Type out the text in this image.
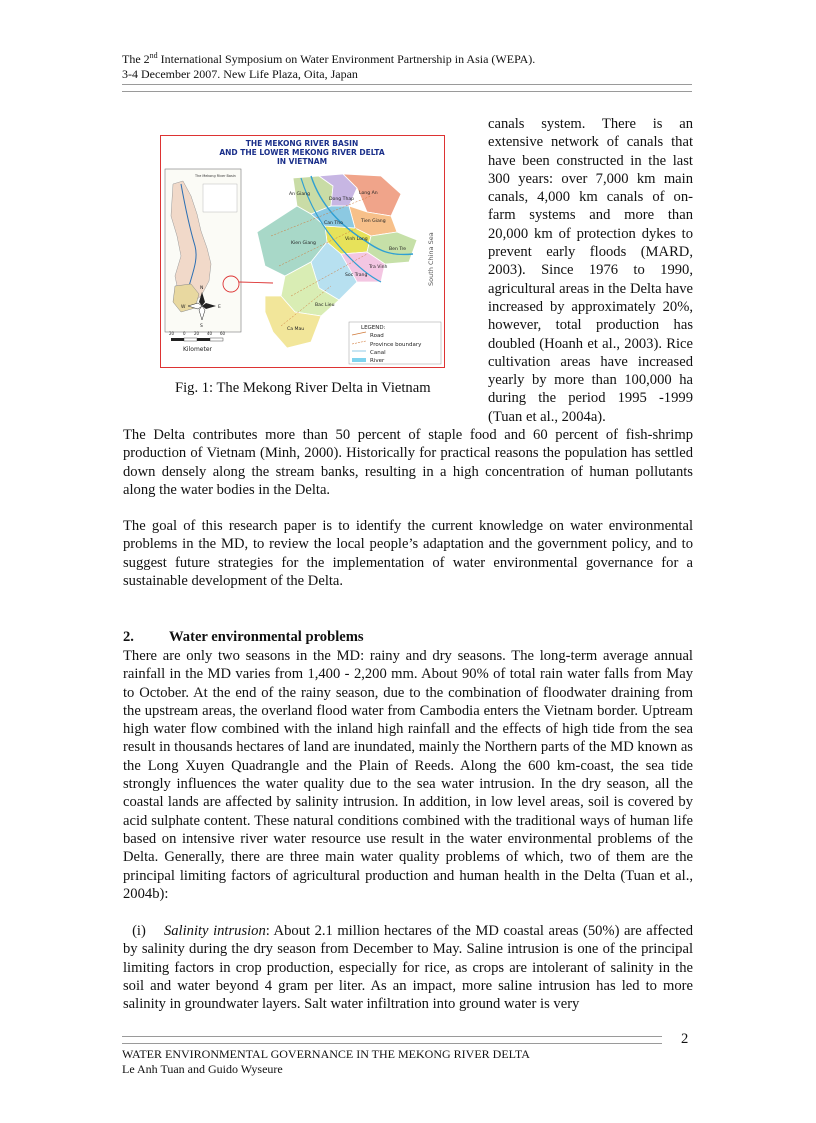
The 2nd International Symposium on Water Environment Partnership in Asia (WEPA).
3-4 December 2007. New Life Plaza, Oita, Japan
THE MEKONG RIVER BASIN
AND THE LOWER MEKONG RIVER DELTA
IN VIETNAM
The Mekong River Basin
An Giang
Dong Thap
Long An
Tien Giang
Vinh Long
Ben Tre
Kien Giang
Can Tho
Tra Vinh
Soc Trang
Bac Lieu
Ca Mau
South China Sea
N
E
S
W
20 0 20 40 60
Kilometer
LEGEND:
Road
Province boundary
Canal
River
Fig. 1: The Mekong River Delta in Vietnam
canals system. There is an extensive network of canals that have been constructed in the last 300 years: over 7,000 km main canals, 4,000 km canals of on-farm systems and more than 20,000 km of protection dykes to prevent early floods (MARD, 2003). Since 1976 to 1990, agricultural areas in the Delta have increased by approximately 20%, however, total production has doubled (Hoanh et al., 2003). Rice cultivation areas have increased yearly by more than 100,000 ha during the period 1995 -1999 (Tuan et al., 2004a).
The Delta contributes more than 50 percent of staple food and 60 percent of fish-shrimp production of Vietnam (Minh, 2000). Historically for practical reasons the population has settled down densely along the stream banks, resulting in a high concentration of human pollutants along the water bodies in the Delta.
The goal of this research paper is to identify the current knowledge on water environmental problems in the MD, to review the local people’s adaptation and the government policy, and to suggest future strategies for the implementation of water environmental governance for a sustainable development of the Delta.
2. Water environmental problems
There are only two seasons in the MD: rainy and dry seasons. The long-term average annual rainfall in the MD varies from 1,400 - 2,200 mm. About 90% of total rain water falls from May to October. At the end of the rainy season, due to the combination of floodwater draining from the upstream areas, the overland flood water from Cambodia enters the Vietnam border. Uptream high water flow combined with the inland high rainfall and the effects of high tide from the sea result in thousands hectares of land are inundated, mainly the Northern parts of the MD known as the Long Xuyen Quadrangle and the Plain of Reeds. Along the 600 km-coast, the sea tide strongly influences the water quality due to the sea water intrusion. In the dry season, all the coastal lands are affected by salinity intrusion. In addition, in low level areas, soil is covered by acid sulphate content. These natural conditions combined with the traditional ways of human life based on intensive river water resource use result in the water environmental problems of the Delta. Generally, there are three main water quality problems of which, two of them are the principal limiting factors of agricultural production and human health in the Delta (Tuan et al., 2004b):
(i) Salinity intrusion: About 2.1 million hectares of the MD coastal areas (50%) are affected by salinity during the dry season from December to May. Saline intrusion is one of the principal limiting factors in crop production, especially for rice, as crops are intolerant of salinity in the soil and water beyond 4 gram per liter. As an impact, more saline intrusion has led to more salinity in groundwater layers. Salt water infiltration into ground water is very
2
WATER ENVIRONMENTAL GOVERNANCE IN THE MEKONG RIVER DELTA
Le Anh Tuan and Guido Wyseure
